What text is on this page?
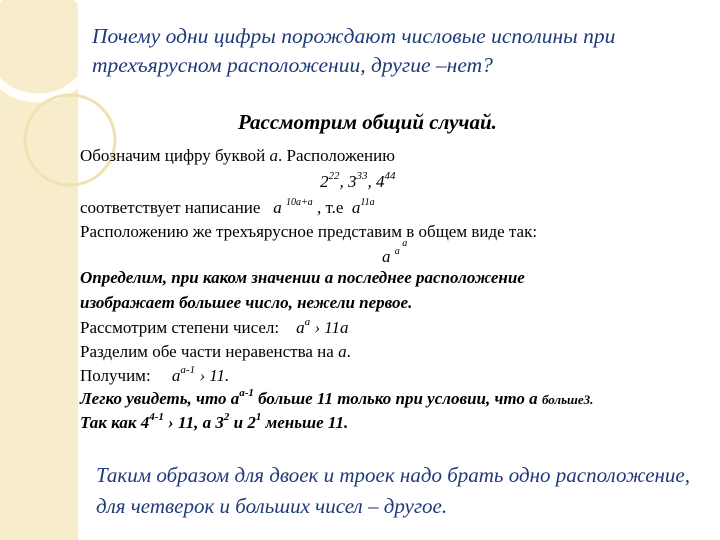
Почему одни цифры порождают числовые исполины при трехъярусном расположении, другие –нет?
Рассмотрим общий случай.
Обозначим цифру буквой а. Расположению
$2^{22}$, $3^{33}$, $4^{44}$
соответствует написание а $^{10а+а}$ , т.е $а^{11а}$
Расположению же трехъярусное представим в общем виде так:
а $^{а ^а}$
Определим, при каком значении а последнее расположение
изображает большее число, нежели первое.
Рассмотрим степени чисел: $а^а$ › 11а
Разделим обе части неравенства на а.
Получим: $а^{а-1}$ › 11.
Легко увидеть, что $а^{а-1}$ больше 11 только при условии, что а больше3.
Так как 4$^{4-1}$ › 11, а $3^2$ и $2^1$ меньше 11.
Таким образом для двоек и троек надо брать одно расположение, для четверок и больших чисел – другое.
